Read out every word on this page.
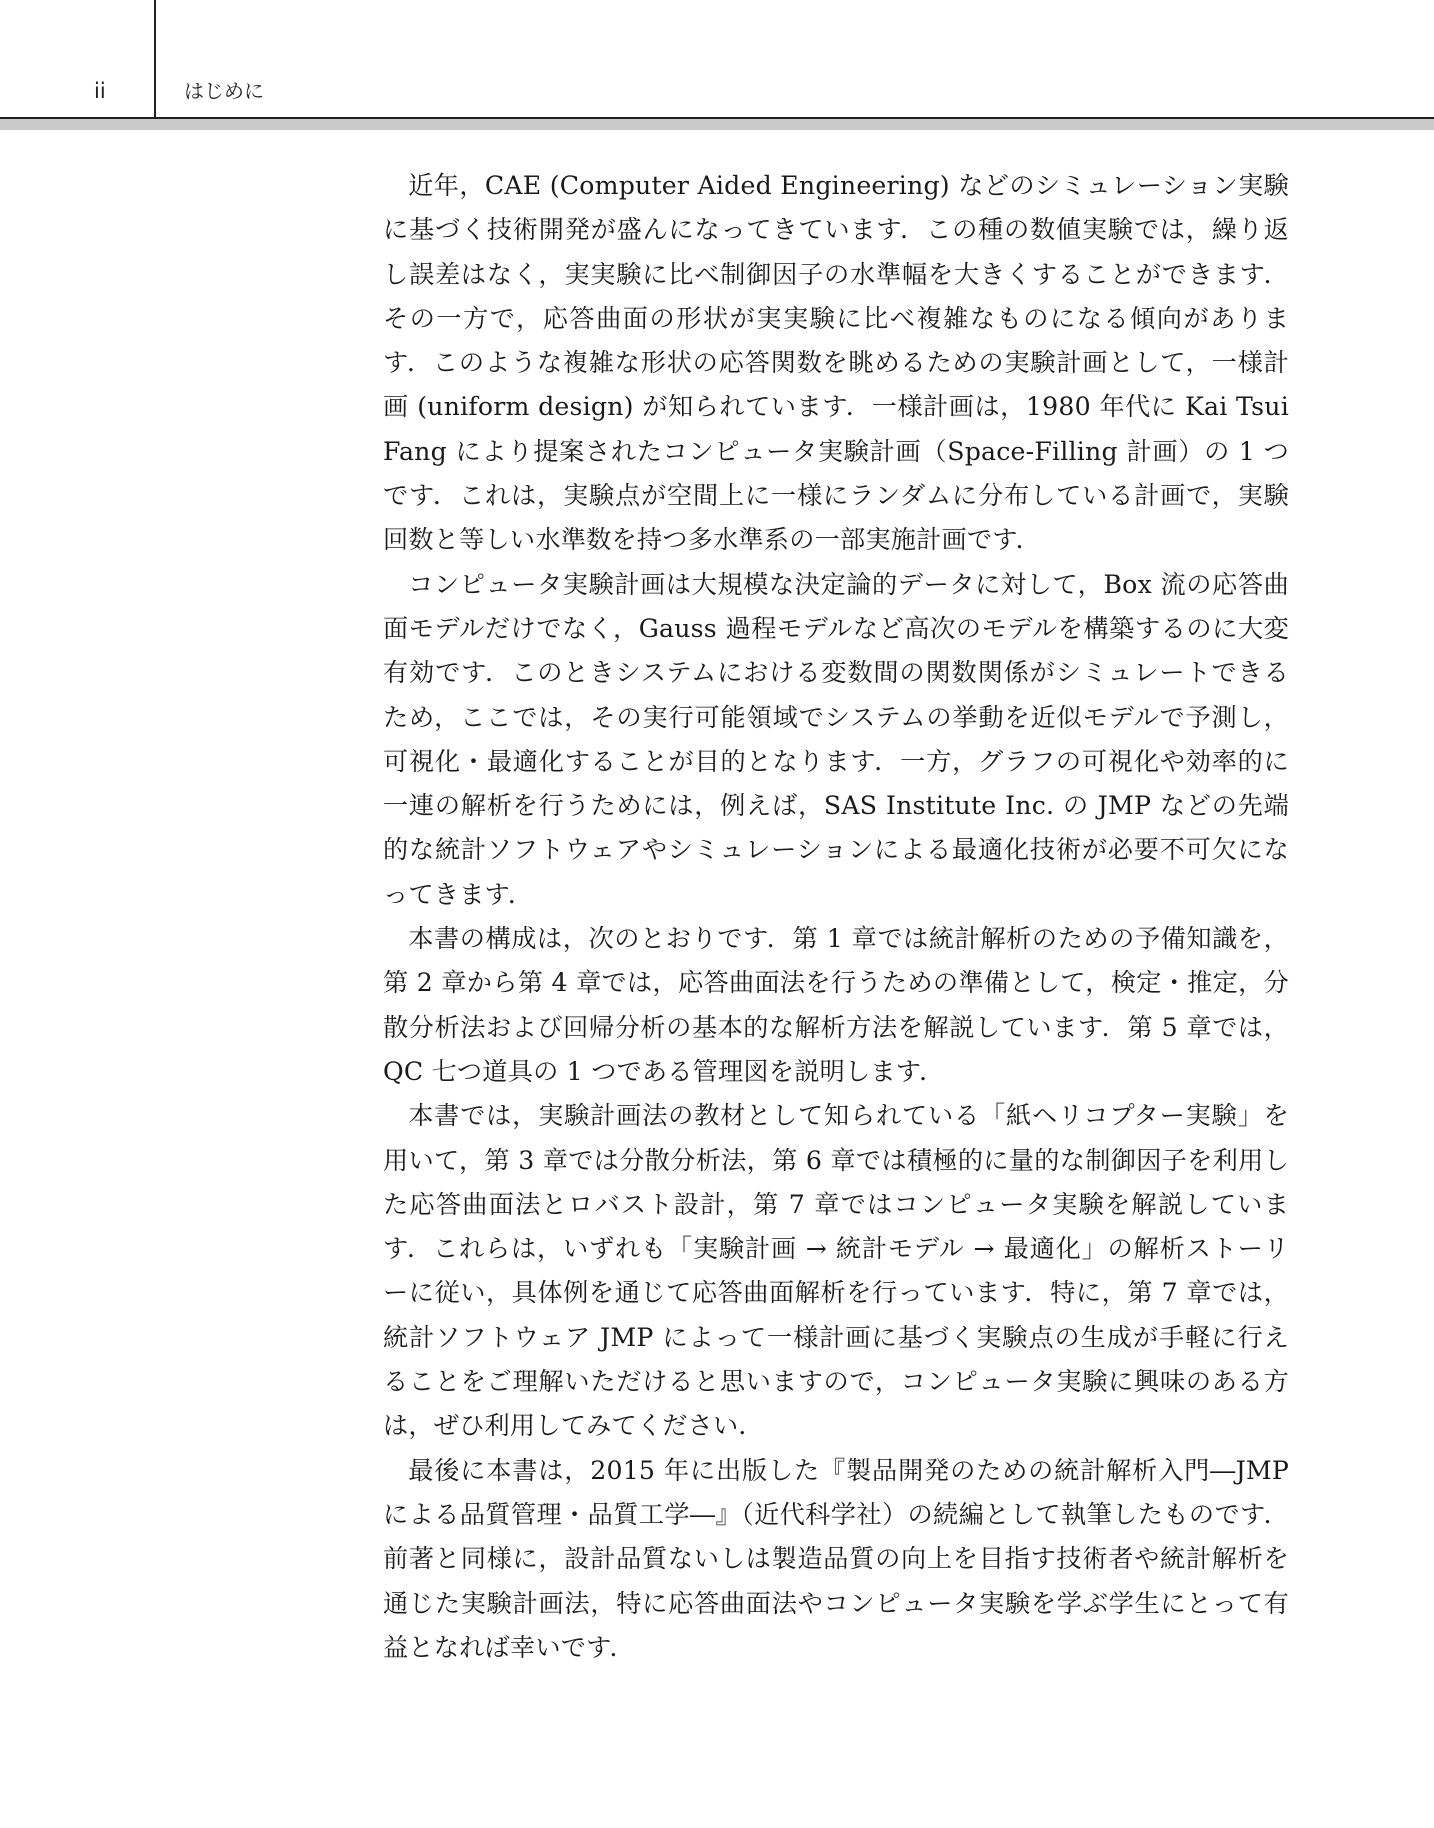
ii	はじめに

近年，CAE (Computer Aided Engineering) などのシミュレーション実験に基づく技術開発が盛んになってきています．この種の数値実験では，繰り返し誤差はなく，実実験に比べ制御因子の水準幅を大きくすることができます．その一方で，応答曲面の形状が実実験に比べ複雑なものになる傾向があります．このような複雑な形状の応答関数を眺めるための実験計画として，一様計画 (uniform design) が知られています．一様計画は，1980 年代に Kai Tsui Fang により提案されたコンピュータ実験計画（Space-Filling 計画）の 1 つです．これは，実験点が空間上に一様にランダムに分布している計画で，実験回数と等しい水準数を持つ多水準系の一部実施計画です．

コンピュータ実験計画は大規模な決定論的データに対して，Box 流の応答曲面モデルだけでなく，Gauss 過程モデルなど高次のモデルを構築するのに大変有効です．このときシステムにおける変数間の関数関係がシミュレートできるため，ここでは，その実行可能領域でシステムの挙動を近似モデルで予測し，可視化・最適化することが目的となります．一方，グラフの可視化や効率的に一連の解析を行うためには，例えば，SAS Institute Inc. の JMP などの先端的な統計ソフトウェアやシミュレーションによる最適化技術が必要不可欠になってきます．

本書の構成は，次のとおりです．第 1 章では統計解析のための予備知識を，第 2 章から第 4 章では，応答曲面法を行うための準備として，検定・推定，分散分析法および回帰分析の基本的な解析方法を解説しています．第 5 章では，QC 七つ道具の 1 つである管理図を説明します．

本書では，実験計画法の教材として知られている「紙ヘリコプター実験」を用いて，第 3 章では分散分析法，第 6 章では積極的に量的な制御因子を利用した応答曲面法とロバスト設計，第 7 章ではコンピュータ実験を解説しています．これらは，いずれも「実験計画 → 統計モデル → 最適化」の解析ストーリーに従い，具体例を通じて応答曲面解析を行っています．特に，第 7 章では，統計ソフトウェア JMP によって一様計画に基づく実験点の生成が手軽に行えることをご理解いただけると思いますので，コンピュータ実験に興味のある方は，ぜひ利用してみてください．

最後に本書は，2015 年に出版した『製品開発のための統計解析入門―JMP による品質管理・品質工学―』（近代科学社）の続編として執筆したものです．前著と同様に，設計品質ないしは製造品質の向上を目指す技術者や統計解析を通じた実験計画法，特に応答曲面法やコンピュータ実験を学ぶ学生にとって有益となれば幸いです．
